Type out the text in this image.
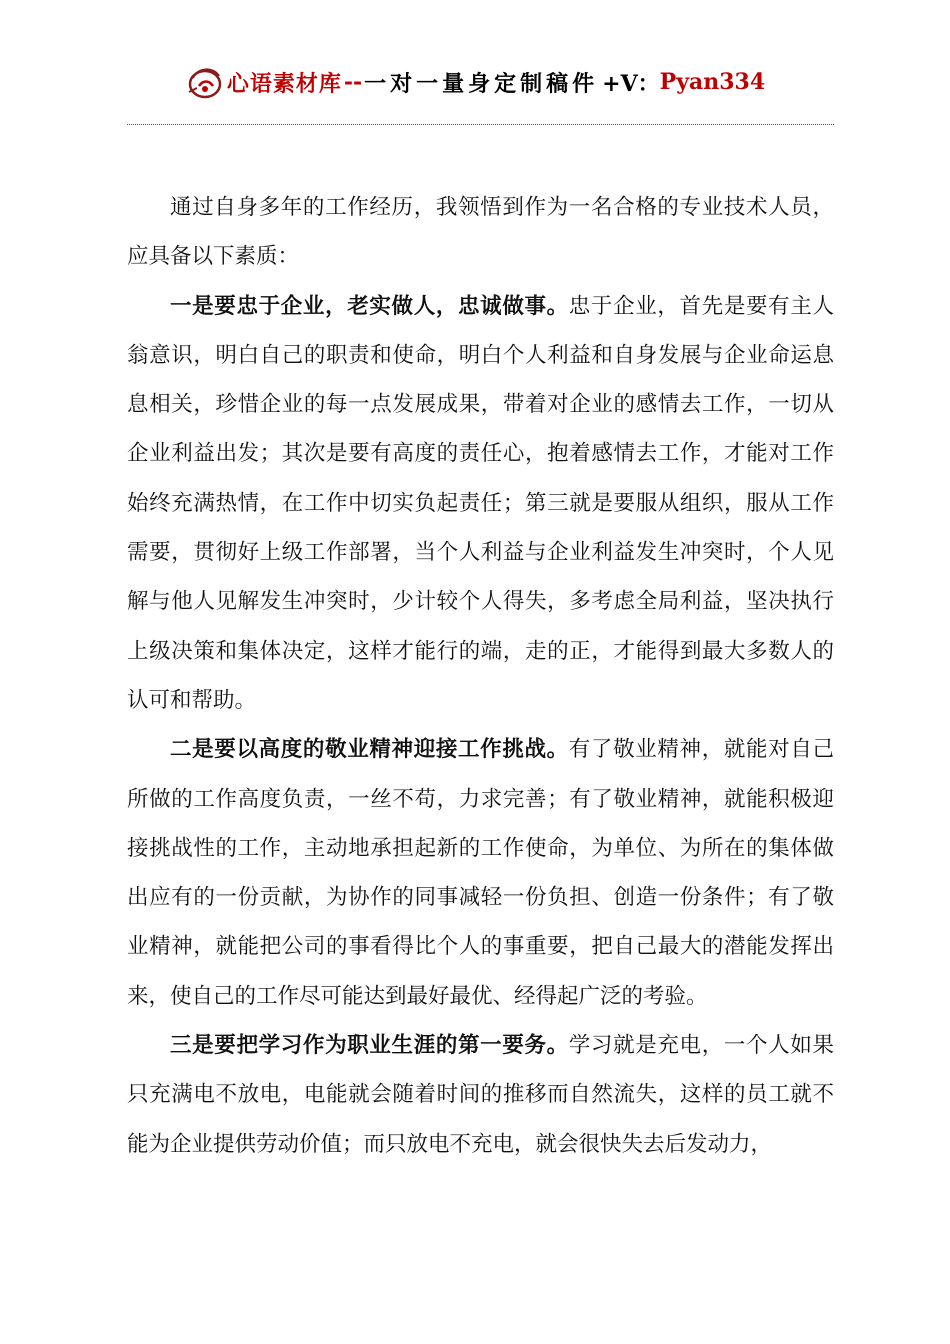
心语素材库 -- 一对一量身定制稿件 +V： Pyan334

通过自身多年的工作经历，我领悟到作为一名合格的专业技术人员，应具备以下素质：

一是要忠于企业，老实做人，忠诚做事。忠于企业，首先是要有主人翁意识，明白自己的职责和使命，明白个人利益和自身发展与企业命运息息相关，珍惜企业的每一点发展成果，带着对企业的感情去工作，一切从企业利益出发；其次是要有高度的责任心，抱着感情去工作，才能对工作始终充满热情，在工作中切实负起责任；第三就是要服从组织，服从工作需要，贯彻好上级工作部署，当个人利益与企业利益发生冲突时，个人见解与他人见解发生冲突时，少计较个人得失，多考虑全局利益，坚决执行上级决策和集体决定，这样才能行的端，走的正，才能得到最大多数人的认可和帮助。

二是要以高度的敬业精神迎接工作挑战。有了敬业精神，就能对自己所做的工作高度负责，一丝不苟，力求完善；有了敬业精神，就能积极迎接挑战性的工作，主动地承担起新的工作使命，为单位、为所在的集体做出应有的一份贡献，为协作的同事减轻一份负担、创造一份条件；有了敬业精神，就能把公司的事看得比个人的事重要，把自己最大的潜能发挥出来，使自己的工作尽可能达到最好最优、经得起广泛的考验。

三是要把学习作为职业生涯的第一要务。学习就是充电，一个人如果只充满电不放电，电能就会随着时间的推移而自然流失，这样的员工就不能为企业提供劳动价值；而只放电不充电，就会很快失去后发动力，
